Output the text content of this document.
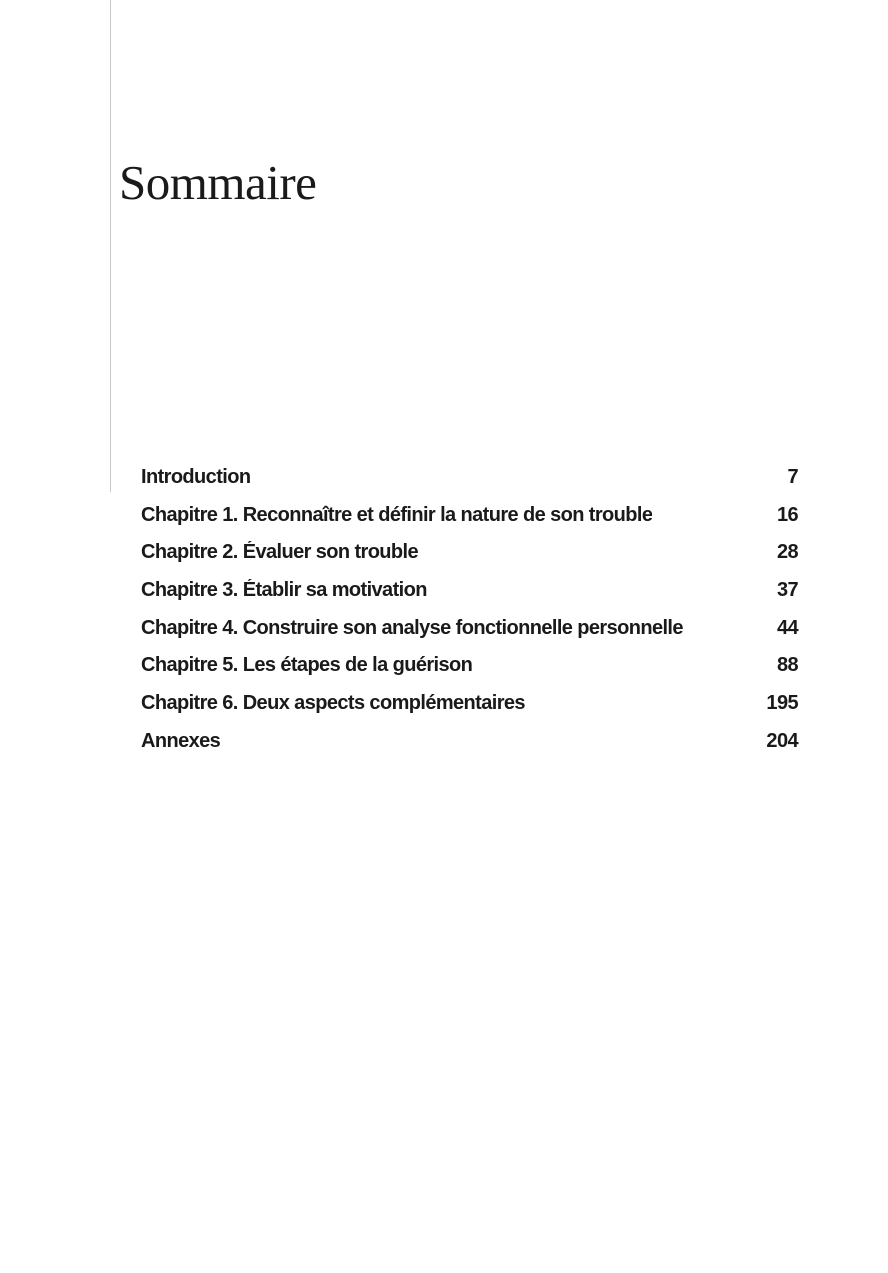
Sommaire
Introduction	7
Chapitre 1. Reconnaître et définir la nature de son trouble	16
Chapitre 2. Évaluer son trouble	28
Chapitre 3. Établir sa motivation	37
Chapitre 4. Construire son analyse fonctionnelle personnelle	44
Chapitre 5. Les étapes de la guérison	88
Chapitre 6. Deux aspects complémentaires	195
Annexes	204
